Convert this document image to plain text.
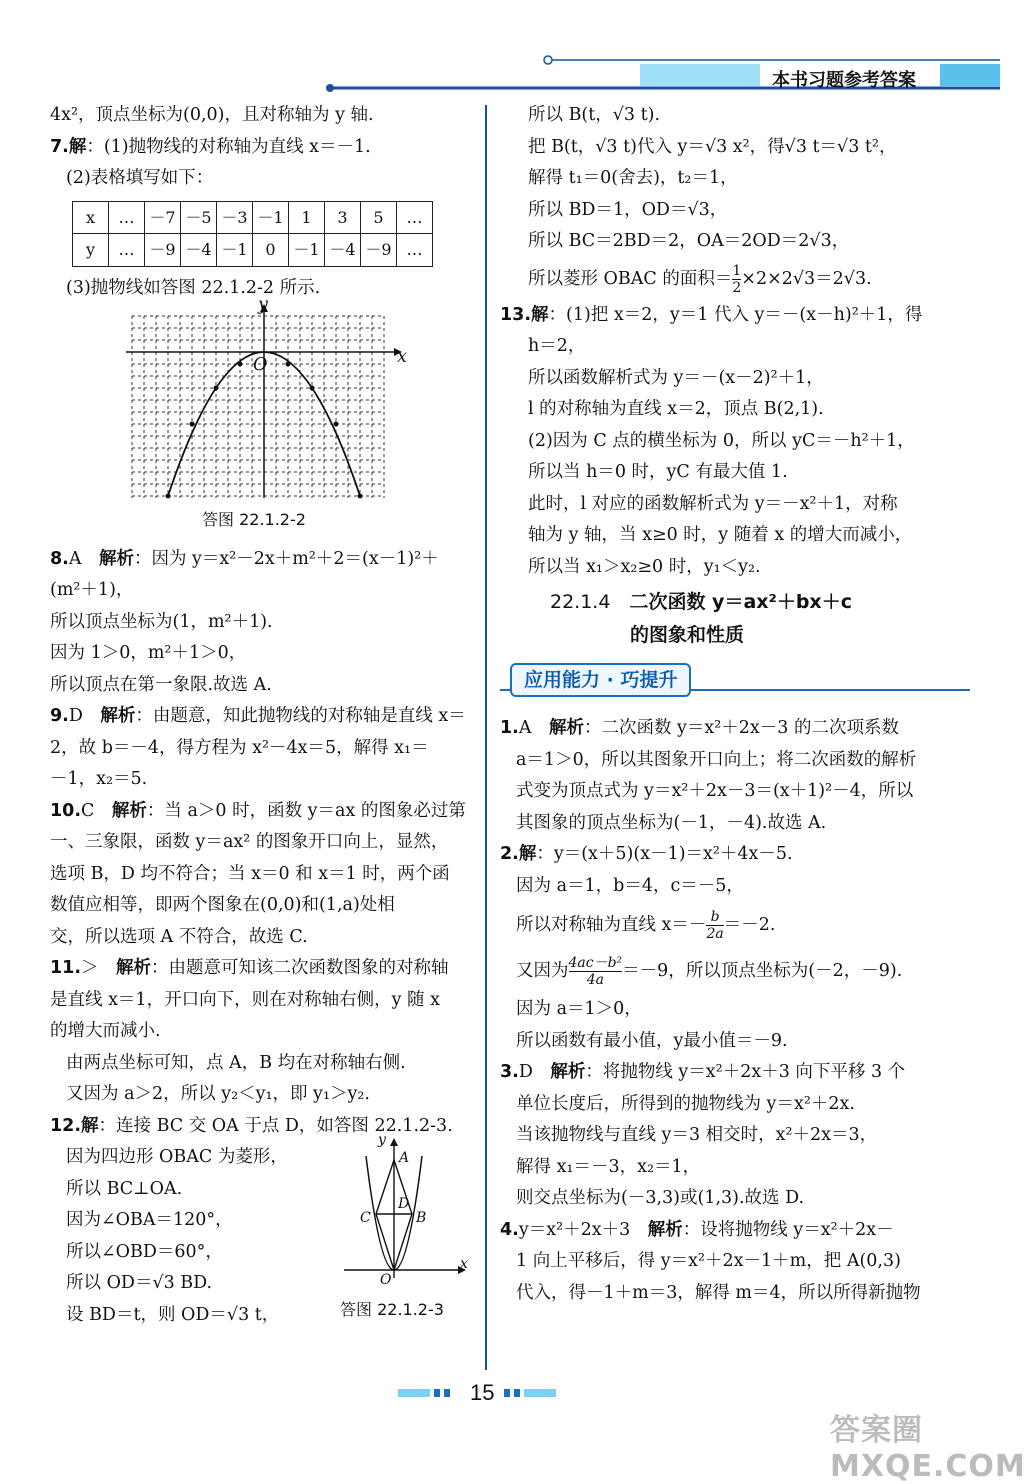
本书习题参考答案
4x²，顶点坐标为(0,0)，且对称轴为 y 轴.
7.解：(1)抛物线的对称轴为直线 x＝－1.
(2)表格填写如下：
x	…	－7	－5	－3	－1	1	3	5	…
y	…	－9	－4	－1	0	－1	－4	－9	…
(3)抛物线如答图 22.1.2-2 所示.
x
y
O
答图 22.1.2-2
8.A　解析：因为 y＝x²－2x＋m²＋2＝(x－1)²＋
(m²＋1)，
所以顶点坐标为(1，m²＋1).
因为 1＞0，m²＋1＞0，
所以顶点在第一象限.故选 A.
9.D　解析：由题意，知此抛物线的对称轴是直线 x＝
2，故 b＝－4，得方程为 x²－4x＝5，解得 x₁＝
－1，x₂＝5.
10.C　解析：当 a＞0 时，函数 y＝ax 的图象必过第
一、三象限，函数 y＝ax² 的图象开口向上，显然，
选项 B，D 均不符合；当 x＝0 和 x＝1 时，两个函
数值应相等，即两个图象在(0,0)和(1,a)处相
交，所以选项 A 不符合，故选 C.
11.＞　解析：由题意可知该二次函数图象的对称轴
是直线 x＝1，开口向下，则在对称轴右侧，y 随 x
的增大而减小.
由两点坐标可知，点 A，B 均在对称轴右侧.
又因为 a＞2，所以 y₂＜y₁，即 y₁＞y₂.
12.解：连接 BC 交 OA 于点 D，如答图 22.1.2-3.
因为四边形 OBAC 为菱形，
所以 BC⊥OA.
因为∠OBA＝120°，
所以∠OBD＝60°，
所以 OD＝√3 BD.
设 BD＝t，则 OD＝√3 t，
y
x
A
B
C
D
O
答图 22.1.2-3
所以 B(t，√3 t).
把 B(t，√3 t)代入 y＝√3 x²，得√3 t＝√3 t²，
解得 t₁＝0(舍去)，t₂＝1，
所以 BD＝1，OD＝√3，
所以 BC＝2BD＝2，OA＝2OD＝2√3，
所以菱形 OBAC 的面积＝ $\frac{1}{2} \times 2\times 2√3=2√3$.
13.解：(1)把 x＝2，y＝1 代入 y＝－(x－h)²＋1，得
h＝2，
所以函数解析式为 y＝－(x－2)²＋1，
l 的对称轴为直线 x＝2，顶点 B(2,1).
(2)因为 C 点的横坐标为 0，所以 yC＝－h²＋1，
所以当 h＝0 时，yC 有最大值 1.
此时，l 对应的函数解析式为 y＝－x²＋1，对称
轴为 y 轴，当 x≥0 时，y 随着 x 的增大而减小，
所以当 x₁＞x₂≥0 时，y₁＜y₂.
22.1.4　二次函数 y＝ax²＋bx＋c
的图象和性质
应用能力 · 巧提升
1.A　解析：二次函数 y＝x²＋2x－3 的二次项系数
a＝1＞0，所以其图象开口向上；将二次函数的解析
式变为顶点式为 y＝x²＋2x－3＝(x＋1)²－4，所以
其图象的顶点坐标为(－1，－4).故选 A.
2.解：y＝(x＋5)(x－1)＝x²＋4x－5.
因为 a＝1，b＝4，c＝－5，
所以对称轴为直线 $x=- \frac{b}{2a} =-2$.
又因为 $\frac{\text{4ac－b²}}{4a} =-9$，所以顶点坐标为(－2，－9).
因为 a＝1＞0，
所以函数有最小值，y最小值＝－9.
3.D　解析：将抛物线 y＝x²＋2x＋3 向下平移 3 个
单位长度后，所得到的抛物线为 y＝x²＋2x.
当该抛物线与直线 y＝3 相交时，x²＋2x＝3，
解得 x₁＝－3，x₂＝1，
则交点坐标为(－3,3)或(1,3).故选 D.
4.y＝x²＋2x＋3　解析：设将抛物线 y＝x²＋2x－
1 向上平移后，得 y＝x²＋2x－1＋m，把 A(0,3)
代入，得－1＋m＝3，解得 m＝4，所以所得新抛物
15
答案圈 MXQE.COM
